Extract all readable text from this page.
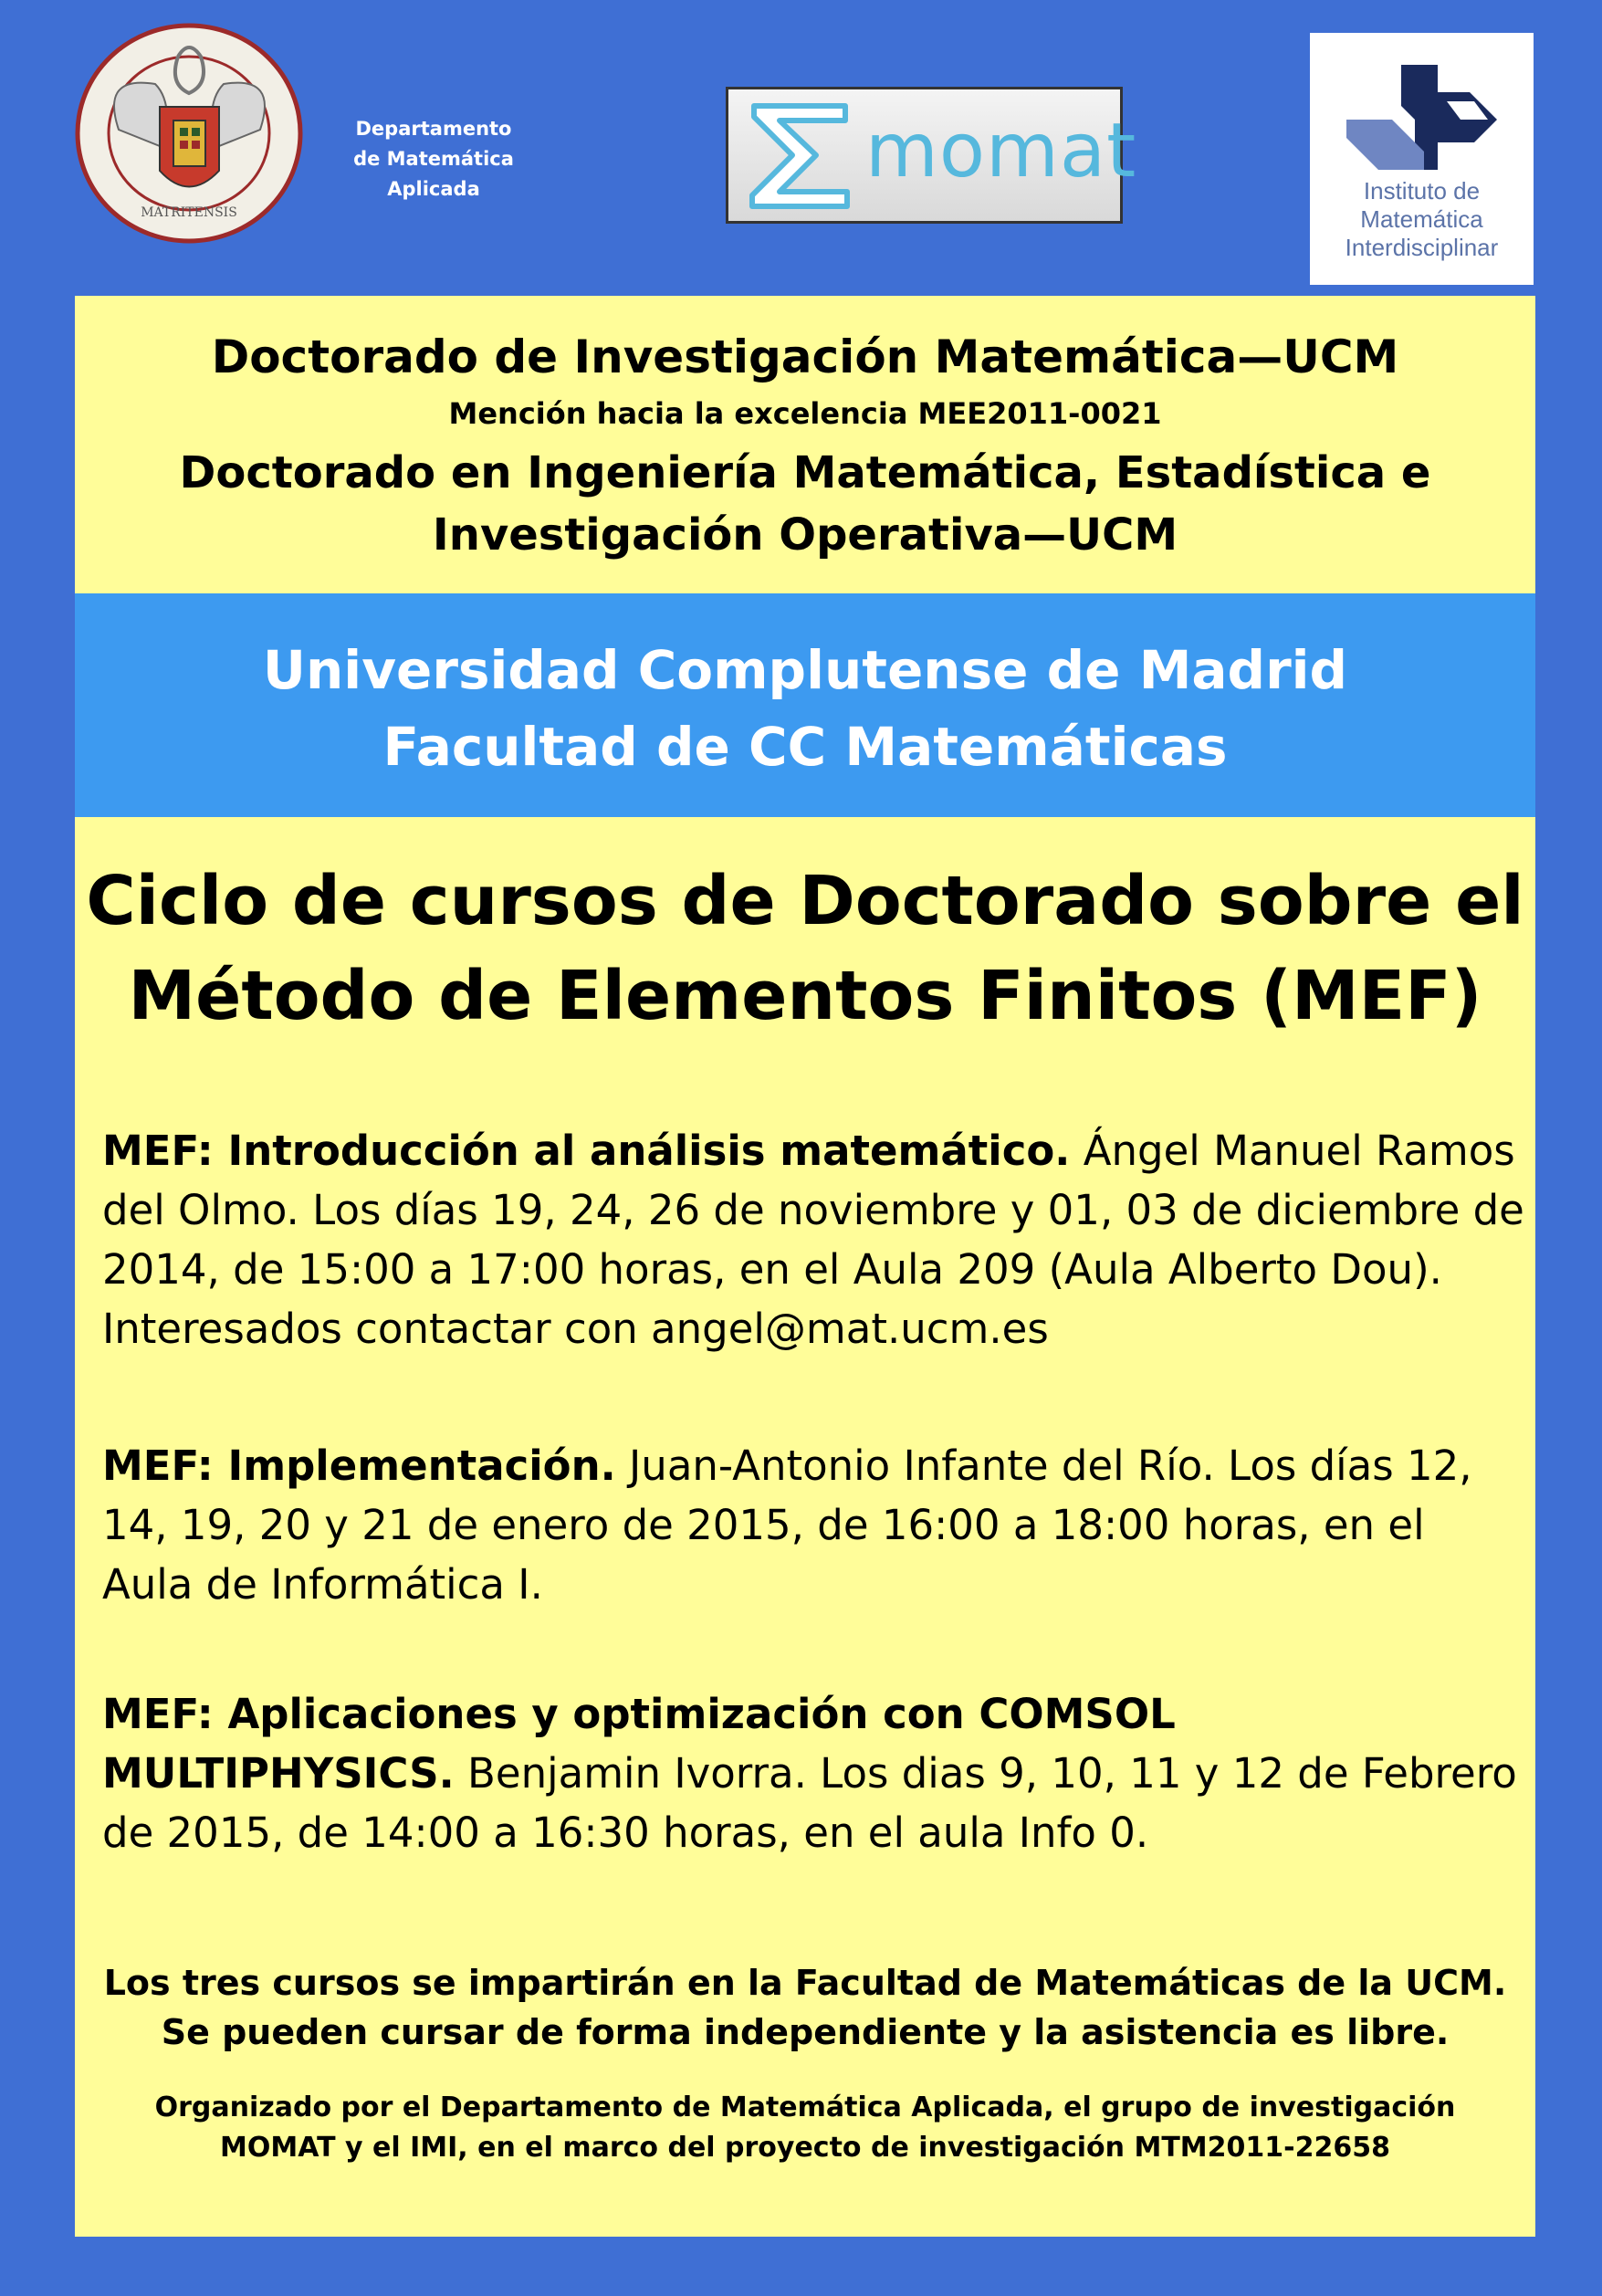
MATRITENSIS
Departamento
de Matemática
Aplicada	momat	Instituto de
Matemática
Interdisciplinar
Doctorado de Investigación Matemática—UCM
Mención hacia la excelencia MEE2011-0021
Doctorado en Ingeniería Matemática, Estadística e
Investigación Operativa—UCM
Universidad Complutense de Madrid
Facultad de CC Matemáticas
Ciclo de cursos de Doctorado sobre el
Método de Elementos Finitos (MEF)
MEF: Introducción al análisis matemático. Ángel Manuel Ramos del Olmo. Los días 19, 24, 26 de noviembre y 01, 03 de diciembre de 2014, de 15:00 a 17:00 horas, en el Aula 209 (Aula Alberto Dou). Interesados contactar con angel@mat.ucm.es
MEF: Implementación. Juan-Antonio Infante del Río. Los días 12, 14, 19, 20 y 21 de enero de 2015, de 16:00 a 18:00 horas, en el Aula de Informática I.
MEF: Aplicaciones y optimización con COMSOL MULTIPHYSICS. Benjamin Ivorra. Los dias 9, 10, 11 y 12 de Febrero de 2015, de 14:00 a 16:30 horas, en el aula Info 0.
Los tres cursos se impartirán en la Facultad de Matemáticas de la UCM.
Se pueden cursar de forma independiente y la asistencia es libre.
Organizado por el Departamento de Matemática Aplicada, el grupo de investigación
MOMAT y el IMI, en el marco del proyecto de investigación MTM2011-22658
